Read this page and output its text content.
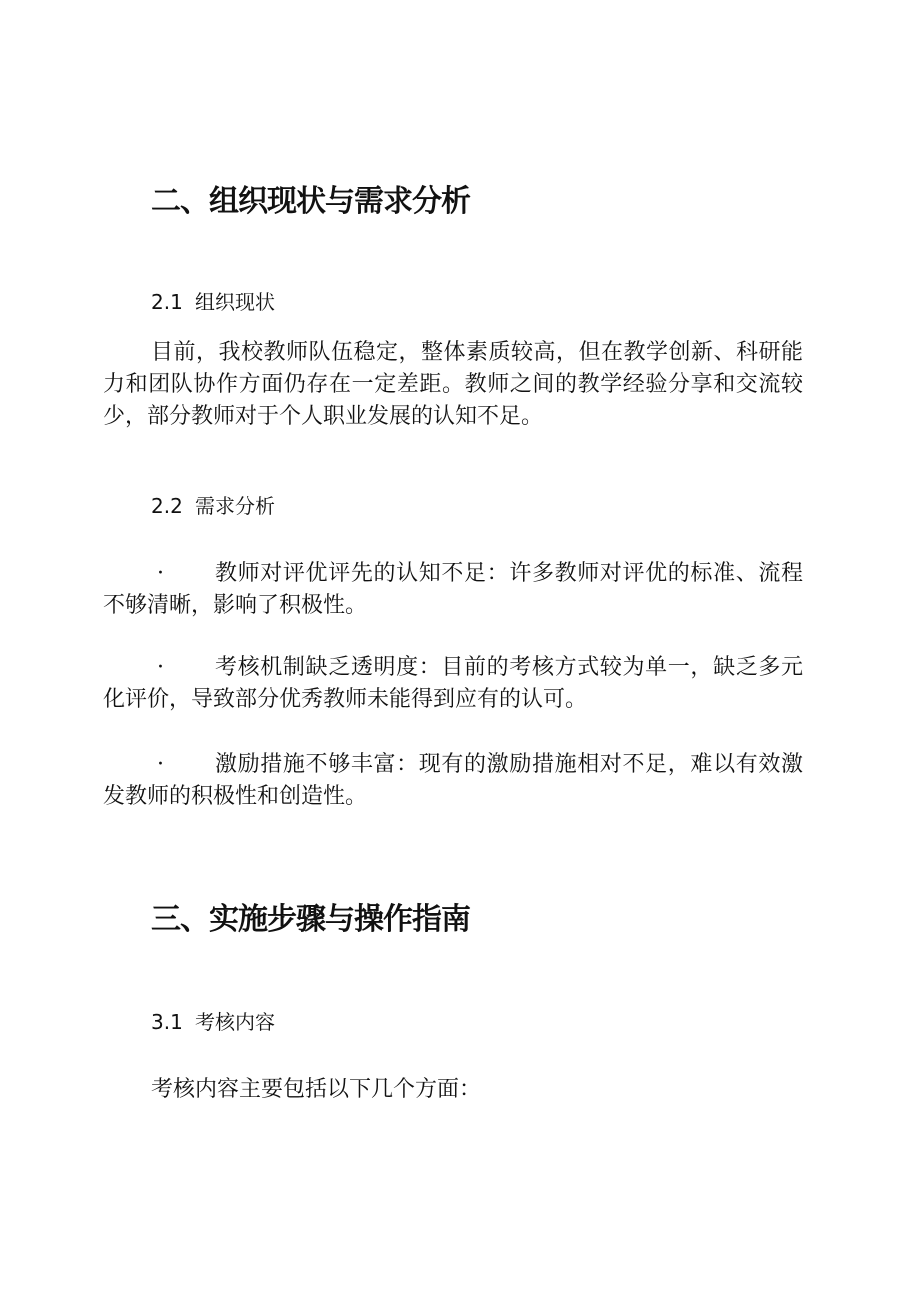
二、组织现状与需求分析
2.1 组织现状
目前，我校教师队伍稳定，整体素质较高，但在教学创新、科研能力和团队协作方面仍存在一定差距。教师之间的教学经验分享和交流较少，部分教师对于个人职业发展的认知不足。
2.2 需求分析
· 教师对评优评先的认知不足：许多教师对评优的标准、流程不够清晰，影响了积极性。
· 考核机制缺乏透明度：目前的考核方式较为单一，缺乏多元化评价，导致部分优秀教师未能得到应有的认可。
· 激励措施不够丰富：现有的激励措施相对不足，难以有效激发教师的积极性和创造性。
三、实施步骤与操作指南
3.1 考核内容
考核内容主要包括以下几个方面：
